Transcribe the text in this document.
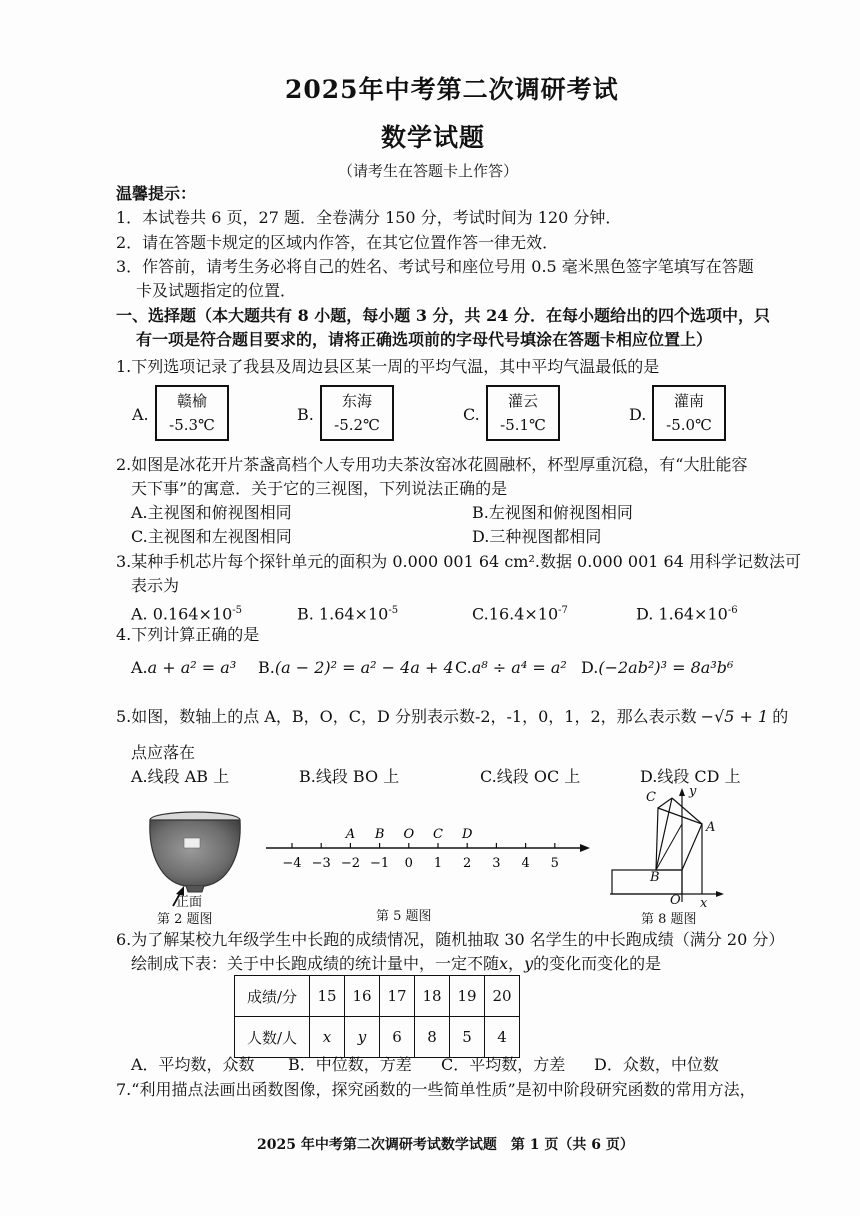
2025年中考第二次调研考试
数学试题
（请考生在答题卡上作答）
温馨提示：
1．本试卷共 6 页，27 题．全卷满分 150 分，考试时间为 120 分钟．
2．请在答题卡规定的区域内作答，在其它位置作答一律无效．
3．作答前，请考生务必将自己的姓名、考试号和座位号用 0.5 毫米黑色签字笔填写在答题
卡及试题指定的位置．
一、选择题（本大题共有 8 小题，每小题 3 分，共 24 分．在每小题给出的四个选项中，只
有一项是符合题目要求的，请将正确选项前的字母代号填涂在答题卡相应位置上）
1.下列选项记录了我县及周边县区某一周的平均气温，其中平均气温最低的是
A.
赣榆
-5.3℃
B.
东海
-5.2℃
C.
灌云
-5.1℃
D.
灌南
-5.0℃
2.如图是冰花开片茶盏高档个人专用功夫茶汝窑冰花圆融杯，杯型厚重沉稳，有“大肚能容
天下事”的寓意．关于它的三视图，下列说法正确的是
A.主视图和俯视图相同	B.左视图和俯视图相同
C.主视图和左视图相同	D.三种视图都相同
3.某种手机芯片每个探针单元的面积为 0.000 001 64 cm².数据 0.000 001 64 用科学记数法可
表示为
A. $0.164\times 10^{-5}$	B. $1.64\times 10^{-5}$	$C.16.4\times 10^{-7}$	D. $1.64\times 10^{-6}$
4.下列计算正确的是
A.a + a² = a³ B.(a − 2)² = a² − 4a + 4 C.a⁸ ÷ a⁴ = a² D.(−2ab²)³ = 8a³b⁶
5.如图，数轴上的点 A，B，O，C，D 分别表示数-2，-1，0，1，2，那么表示数 −√5 + 1 的
点应落在
A.线段 AB 上	B.线段 BO 上	C.线段 OC 上	D.线段 CD 上
正面
第 2 题图
−4 −3 −2 −1 0 1 2 3 4 5
A B O C D
第 5 题图
C	y
A
B
O x
第 8 题图
6.为了解某校九年级学生中长跑的成绩情况，随机抽取 30 名学生的中长跑成绩（满分 20 分）
绘制成下表：关于中长跑成绩的统计量中，一定不随x，y的变化而变化的是
成绩/分	15	16	17	18	19	20
人数/人	x	y	6	8	5	4
A．平均数，众数 B．中位数，方差 C．平均数，方差 D．众数，中位数
7.“利用描点法画出函数图像，探究函数的一些简单性质”是初中阶段研究函数的常用方法，
2025 年中考第二次调研考试数学试题　第 1 页（共 6 页）
